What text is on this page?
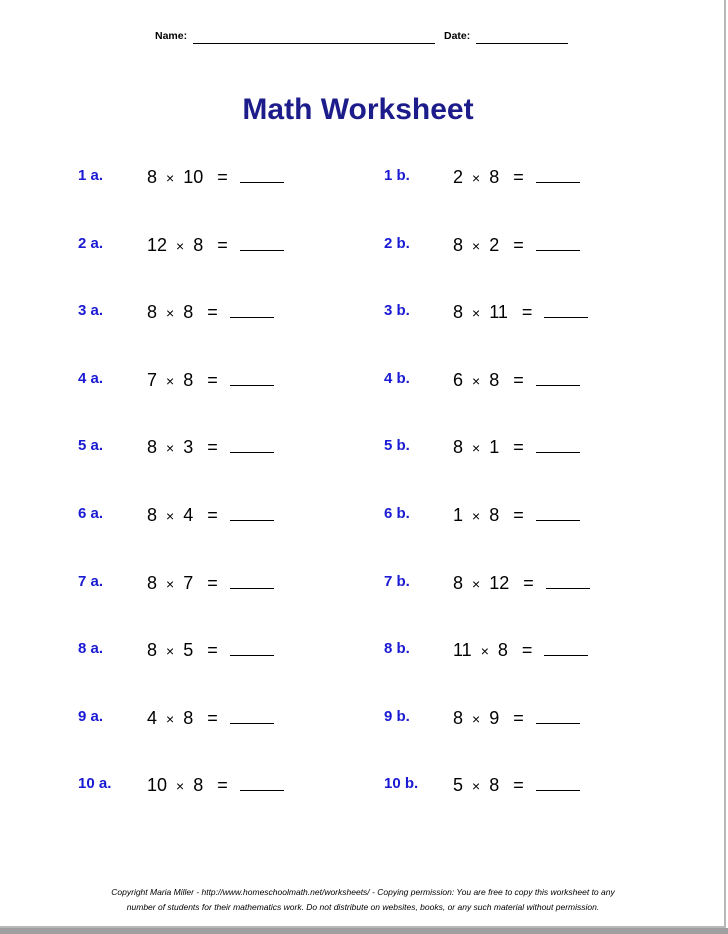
Name:	Date:
Math Worksheet
1 a. 8 × 10 =
2 a. 12 × 8 =
3 a. 8 × 8 =
4 a. 7 × 8 =
5 a. 8 × 3 =
6 a. 8 × 4 =
7 a. 8 × 7 =
8 a. 8 × 5 =
9 a. 4 × 8 =
10 a. 10 × 8 =
1 b. 2 × 8 =
2 b. 8 × 2 =
3 b. 8 × 11 =
4 b. 6 × 8 =
5 b. 8 × 1 =
6 b. 1 × 8 =
7 b. 8 × 12 =
8 b. 11 × 8 =
9 b. 8 × 9 =
10 b. 5 × 8 =
Copyright Maria Miller - http://www.homeschoolmath.net/worksheets/ - Copying permission: You are free to copy this worksheet to any
number of students for their mathematics work. Do not distribute on websites, books, or any such material without permission.
